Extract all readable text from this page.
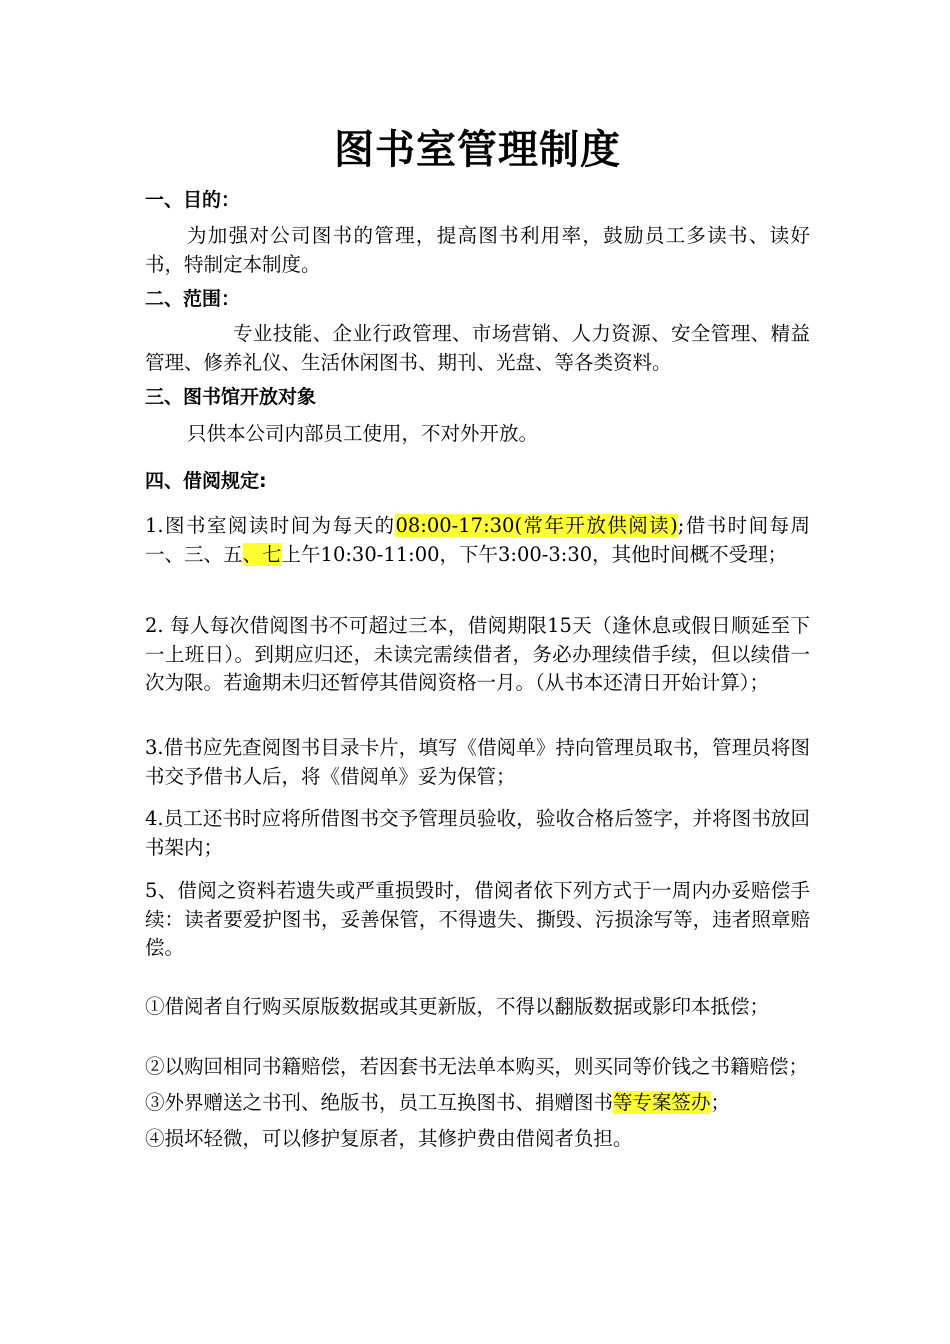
图书室管理制度
一、目的：
为加强对公司图书的管理，提高图书利用率，鼓励员工多读书、读好书，特制定本制度。
二、范围：
专业技能、企业行政管理、市场营销、人力资源、安全管理、精益管理、修养礼仪、生活休闲图书、期刊、光盘、等各类资料。
三、图书馆开放对象
只供本公司内部员工使用，不对外开放。
四、借阅规定:
1.图书室阅读时间为每天的08:00-17:30(常年开放供阅读);借书时间每周一、三、五、七上午10:30-11:00，下午3:00-3:30，其他时间概不受理；
2. 每人每次借阅图书不可超过三本，借阅期限15天（逢休息或假日顺延至下一上班日）。到期应归还，未读完需续借者，务必办理续借手续，但以续借一次为限。若逾期未归还暂停其借阅资格一月。（从书本还清日开始计算）；
3.借书应先查阅图书目录卡片，填写《借阅单》持向管理员取书，管理员将图书交予借书人后，将《借阅单》妥为保管；
4.员工还书时应将所借图书交予管理员验收，验收合格后签字，并将图书放回书架内；
5、借阅之资料若遗失或严重损毁时，借阅者依下列方式于一周内办妥赔偿手续：读者要爱护图书，妥善保管，不得遗失、撕毁、污损涂写等，违者照章赔偿。
①借阅者自行购买原版数据或其更新版，不得以翻版数据或影印本抵偿；
②以购回相同书籍赔偿，若因套书无法单本购买，则买同等价钱之书籍赔偿；
③外界赠送之书刊、绝版书，员工互换图书、捐赠图书等专案签办；
④损坏轻微，可以修护复原者，其修护费由借阅者负担。
